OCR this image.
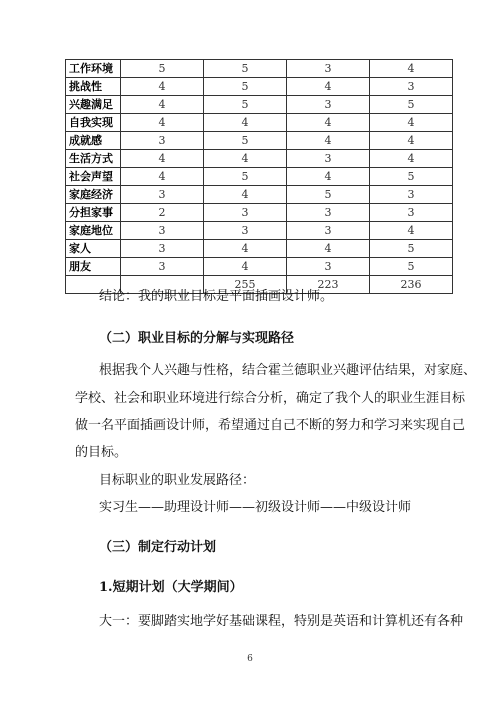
工作环境	5	5	3	4
挑战性	4	5	4	3
兴趣满足	4	5	3	5
自我实现	4	4	4	4
成就感	3	5	4	4
生活方式	4	4	3	4
社会声望	4	5	4	5
家庭经济	3	4	5	3
分担家事	2	3	3	3
家庭地位	3	3	3	4
家人	3	4	4	5
朋友	3	4	3	5
		255	223	236
结论：我的职业目标是平面插画设计师。
（二）职业目标的分解与实现路径
根据我个人兴趣与性格，结合霍兰德职业兴趣评估结果，对家庭、
学校、社会和职业环境进行综合分析，确定了我个人的职业生涯目标
做一名平面插画设计师，希望通过自己不断的努力和学习来实现自己
的目标。
目标职业的职业发展路径：
实习生——助理设计师——初级设计师——中级设计师
（三）制定行动计划
1.短期计划（大学期间）
大一：要脚踏实地学好基础课程，特别是英语和计算机还有各种
6
